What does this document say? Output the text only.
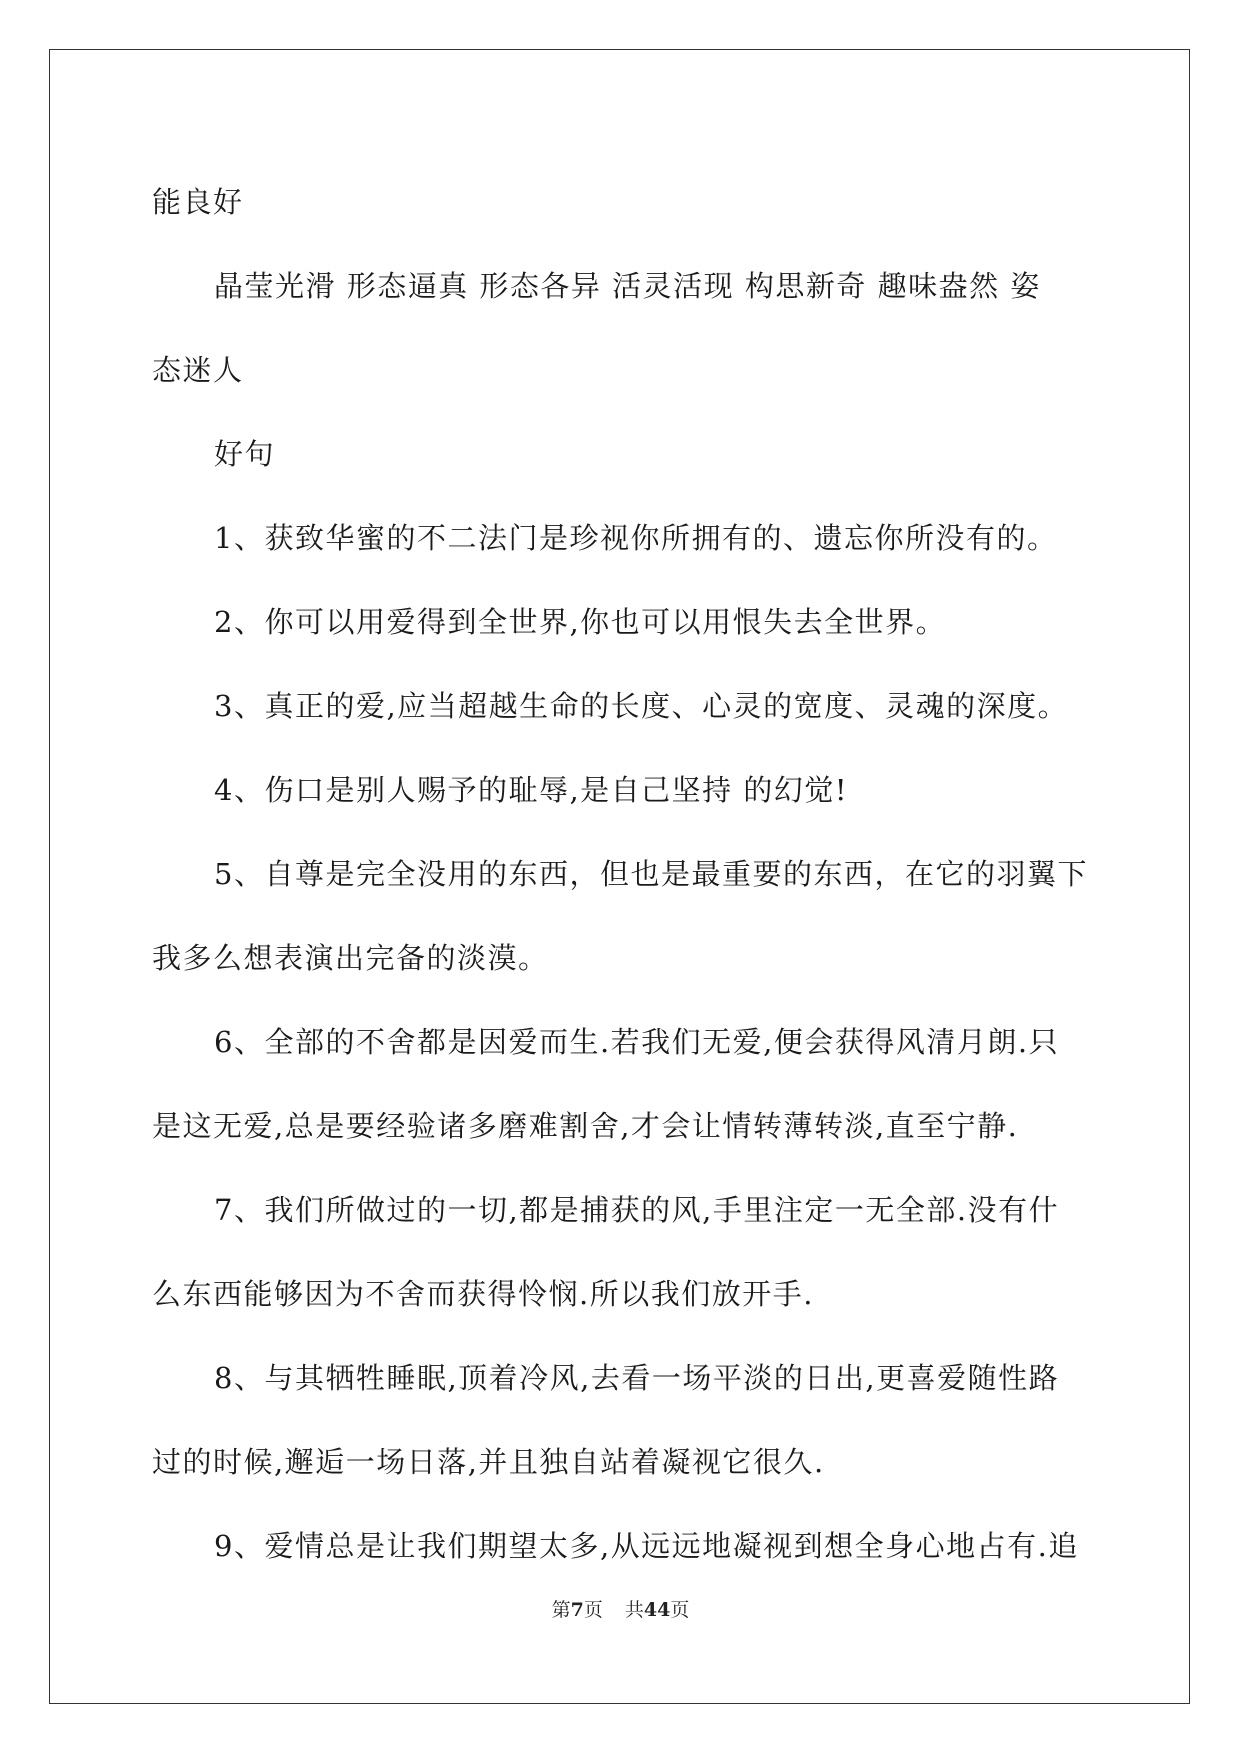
能良好
晶莹光滑 形态逼真 形态各异 活灵活现 构思新奇 趣味盎然 姿
态迷人
好句
1、获致华蜜的不二法门是珍视你所拥有的、遗忘你所没有的。
2、你可以用爱得到全世界,你也可以用恨失去全世界。
3、真正的爱,应当超越生命的长度、心灵的宽度、灵魂的深度。
4、伤口是别人赐予的耻辱,是自己坚持 的幻觉!
5、自尊是完全没用的东西，但也是最重要的东西，在它的羽翼下
我多么想表演出完备的淡漠。
6、全部的不舍都是因爱而生.若我们无爱,便会获得风清月朗.只
是这无爱,总是要经验诸多磨难割舍,才会让情转薄转淡,直至宁静.
7、我们所做过的一切,都是捕获的风,手里注定一无全部.没有什
么东西能够因为不舍而获得怜悯.所以我们放开手.
8、与其牺牲睡眠,顶着冷风,去看一场平淡的日出,更喜爱随性路
过的时候,邂逅一场日落,并且独自站着凝视它很久.
9、爱情总是让我们期望太多,从远远地凝视到想全身心地占有.追
第7页 共44页
